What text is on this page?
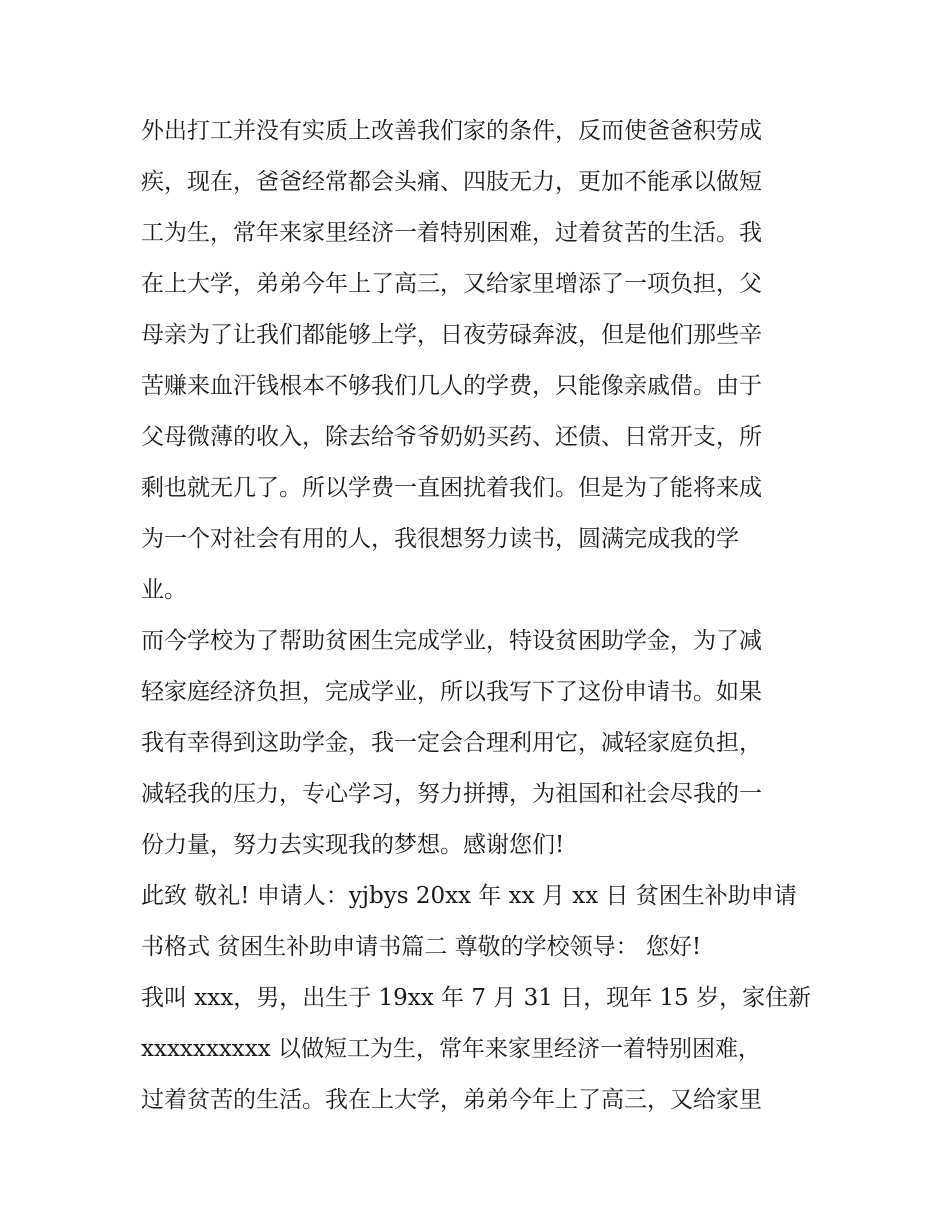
外出打工并没有实质上改善我们家的条件，反而使爸爸积劳成
疾，现在，爸爸经常都会头痛、四肢无力，更加不能承以做短
工为生，常年来家里经济一着特别困难，过着贫苦的生活。我
在上大学，弟弟今年上了高三，又给家里增添了一项负担，父
母亲为了让我们都能够上学，日夜劳碌奔波，但是他们那些辛
苦赚来血汗钱根本不够我们几人的学费，只能像亲戚借。由于
父母微薄的收入，除去给爷爷奶奶买药、还债、日常开支，所
剩也就无几了。所以学费一直困扰着我们。但是为了能将来成
为一个对社会有用的人，我很想努力读书，圆满完成我的学
业。
而今学校为了帮助贫困生完成学业，特设贫困助学金，为了减
轻家庭经济负担，完成学业，所以我写下了这份申请书。如果
我有幸得到这助学金，我一定会合理利用它，减轻家庭负担，
减轻我的压力，专心学习，努力拼搏，为祖国和社会尽我的一
份力量，努力去实现我的梦想。感谢您们!
此致 敬礼! 申请人：yjbys 20xx 年 xx 月 xx 日 贫困生补助申请
书格式 贫困生补助申请书篇二 尊敬的学校领导： 您好!
我叫 xxx，男，出生于 19xx 年 7 月 31 日，现年 15 岁，家住新
xxxxxxxxxx 以做短工为生，常年来家里经济一着特别困难，
过着贫苦的生活。我在上大学，弟弟今年上了高三，又给家里
